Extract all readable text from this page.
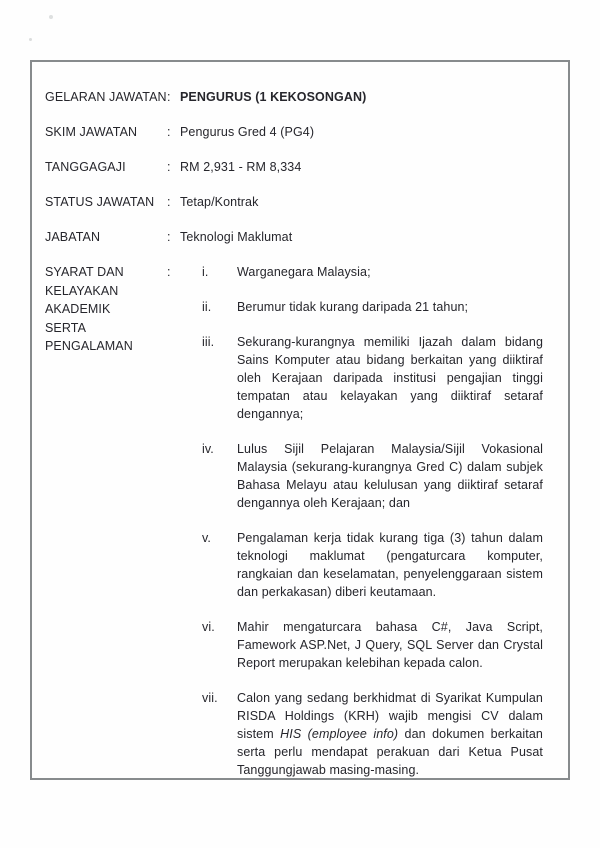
GELARAN JAWATAN : PENGURUS (1 KEKOSONGAN)
SKIM JAWATAN	: Pengurus Gred 4 (PG4)
TANGGAGAJI	: RM 2,931 - RM 8,334
STATUS JAWATAN	: Tetap/Kontrak
JABATAN	: Teknologi Maklumat
SYARAT DAN
KELAYAKAN
AKADEMIK
SERTA
PENGALAMAN
:	i.	Warganegara Malaysia;
ii.	Berumur tidak kurang daripada 21 tahun;
iii.	Sekurang-kurangnya memiliki Ijazah dalam bidang Sains Komputer atau bidang berkaitan yang diiktiraf oleh Kerajaan daripada institusi pengajian tinggi tempatan atau kelayakan yang diiktiraf setaraf dengannya;
iv.	Lulus Sijil Pelajaran Malaysia/Sijil Vokasional Malaysia (sekurang-kurangnya Gred C) dalam subjek Bahasa Melayu atau kelulusan yang diiktiraf setaraf dengannya oleh Kerajaan; dan
v.	Pengalaman kerja tidak kurang tiga (3) tahun dalam teknologi maklumat (pengaturcara komputer, rangkaian dan keselamatan, penyelenggaraan sistem dan perkakasan) diberi keutamaan.
vi.	Mahir mengaturcara bahasa C#, Java Script, Famework ASP.Net, J Query, SQL Server dan Crystal Report merupakan kelebihan kepada calon.
vii.	Calon yang sedang berkhidmat di Syarikat Kumpulan RISDA Holdings (KRH) wajib mengisi CV dalam sistem HIS (employee info) dan dokumen berkaitan serta perlu mendapat perakuan dari Ketua Pusat Tanggungjawab masing-masing.
